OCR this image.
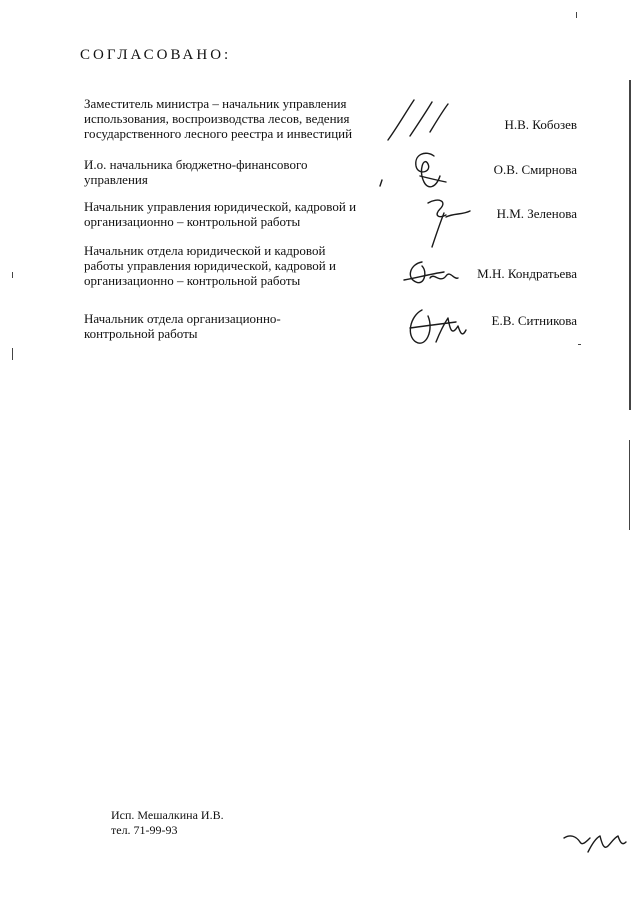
СОГЛАСОВАНО:
Заместитель министра – начальник управления
использования, воспроизводства лесов, ведения
государственного лесного реестра и инвестиций
Н.В. Кобозев
И.о. начальника бюджетно-финансового
управления
О.В. Смирнова
Начальник управления юридической, кадровой и
организационно – контрольной работы
Н.М. Зеленова
Начальник отдела юридической и кадровой
работы управления юридической, кадровой и
организационно – контрольной работы	М.Н. Кондратьева
Начальник отдела организационно-
контрольной работы
Е.В. Ситникова
Исп. Мешалкина И.В.
тел. 71-99-93
